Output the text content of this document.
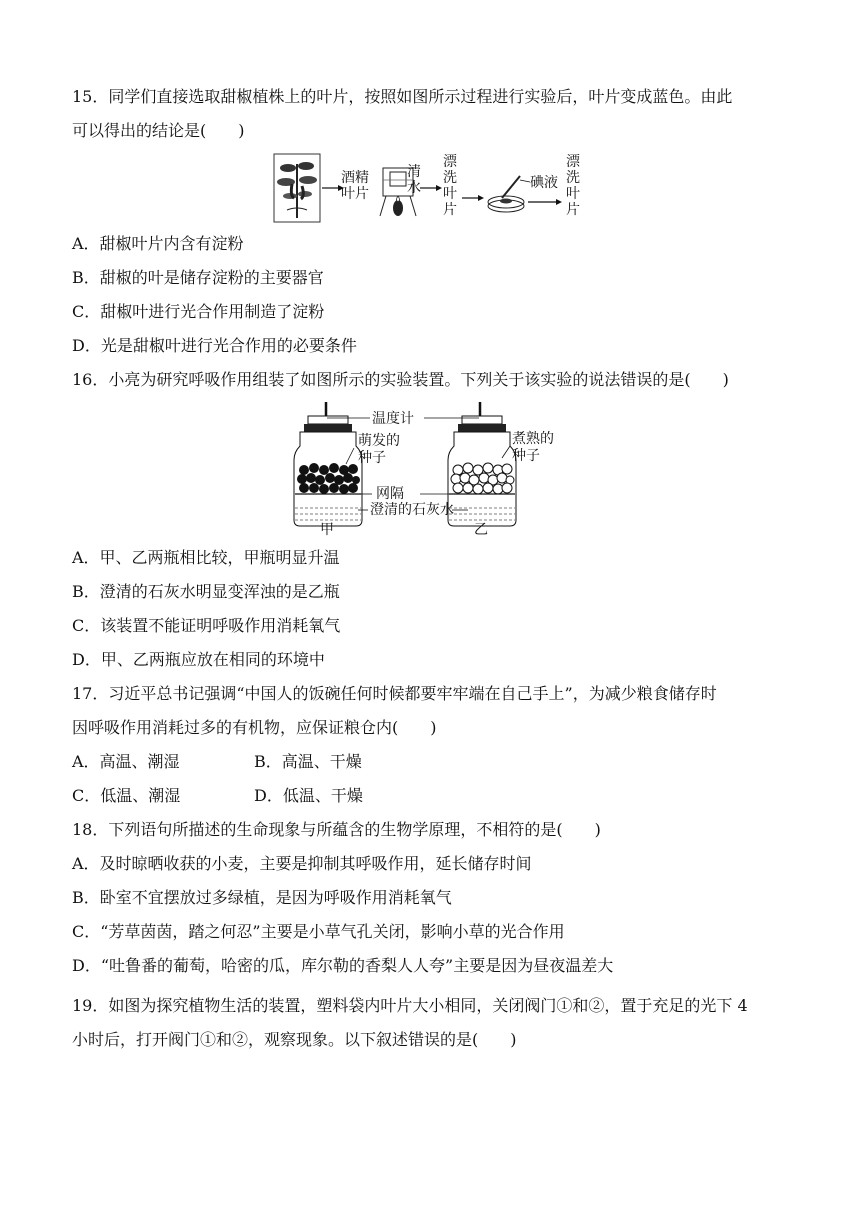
15．同学们直接选取甜椒植株上的叶片，按照如图所示过程进行实验后，叶片变成蓝色。由此
可以得出的结论是(　　)
酒精
叶片
清
水
漂
洗
叶
片
碘液
漂
洗
叶
片
A．甜椒叶片内含有淀粉
B．甜椒的叶是储存淀粉的主要器官
C．甜椒叶进行光合作用制造了淀粉
D．光是甜椒叶进行光合作用的必要条件
16．小亮为研究呼吸作用组装了如图所示的实验装置。下列关于该实验的说法错误的是(　　)
温度计
萌发的
种子
煮熟的
种子
网隔
澄清的石灰水
甲	乙
A．甲、乙两瓶相比较，甲瓶明显升温
B．澄清的石灰水明显变浑浊的是乙瓶
C．该装置不能证明呼吸作用消耗氧气
D．甲、乙两瓶应放在相同的环境中
17．习近平总书记强调“中国人的饭碗任何时候都要牢牢端在自己手上”，为减少粮食储存时
因呼吸作用消耗过多的有机物，应保证粮仓内(　　)
A．高温、潮湿	B．高温、干燥
C．低温、潮湿	D．低温、干燥
18．下列语句所描述的生命现象与所蕴含的生物学原理，不相符的是(　　)
A．及时晾晒收获的小麦，主要是抑制其呼吸作用，延长储存时间
B．卧室不宜摆放过多绿植，是因为呼吸作用消耗氧气
C．“芳草茵茵，踏之何忍”主要是小草气孔关闭，影响小草的光合作用
D．“吐鲁番的葡萄，哈密的瓜，库尔勒的香梨人人夸”主要是因为昼夜温差大
19．如图为探究植物生活的装置，塑料袋内叶片大小相同，关闭阀门①和②，置于充足的光下 4
小时后，打开阀门①和②，观察现象。以下叙述错误的是(　　)
